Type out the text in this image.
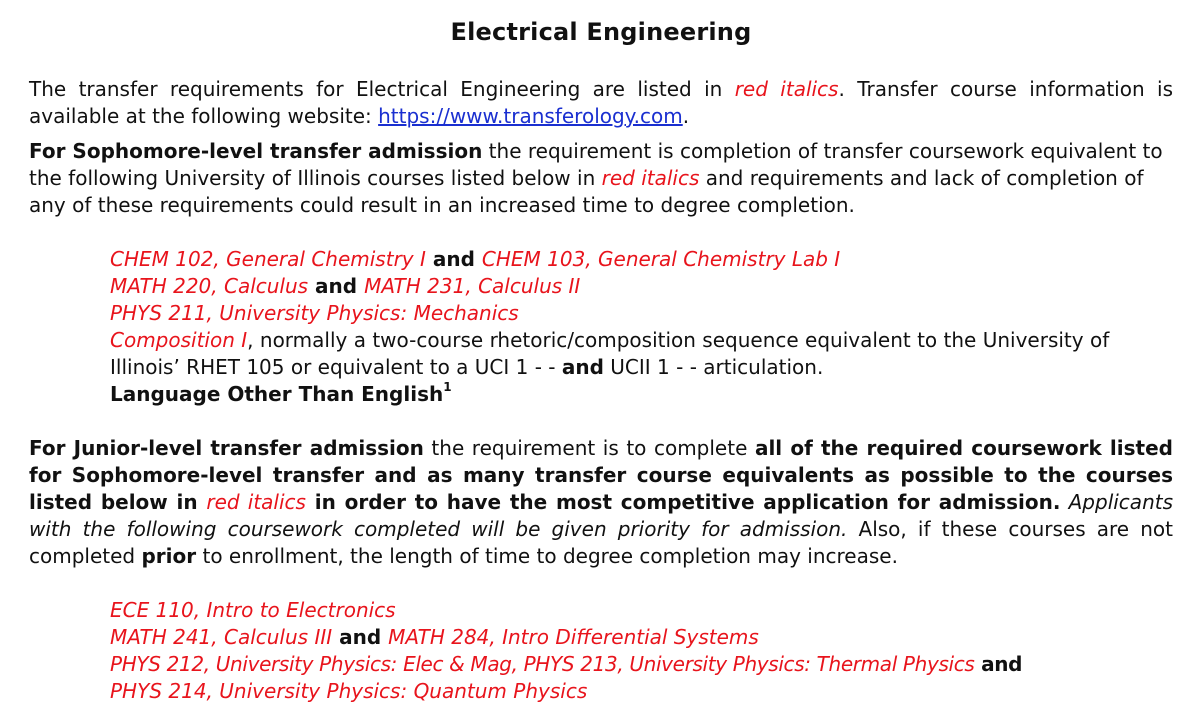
Electrical Engineering

The transfer requirements for Electrical Engineering are listed in red italics. Transfer course information is available at the following website: https://www.transferology.com.

For Sophomore-level transfer admission the requirement is completion of transfer coursework equivalent to the following University of Illinois courses listed below in red italics and requirements and lack of completion of any of these requirements could result in an increased time to degree completion.

CHEM 102, General Chemistry I and CHEM 103, General Chemistry Lab I
MATH 220, Calculus and MATH 231, Calculus II
PHYS 211, University Physics: Mechanics
Composition I, normally a two-course rhetoric/composition sequence equivalent to the University of Illinois’ RHET 105 or equivalent to a UCI 1 - - and UCII 1 - - articulation.
Language Other Than English$^1$

For Junior-level transfer admission the requirement is to complete all of the required coursework listed for Sophomore-level transfer and as many transfer course equivalents as possible to the courses listed below in red italics in order to have the most competitive application for admission. Applicants with the following coursework completed will be given priority for admission. Also, if these courses are not completed prior to enrollment, the length of time to degree completion may increase.

ECE 110, Intro to Electronics
MATH 241, Calculus III and MATH 284, Intro Differential Systems
PHYS 212, University Physics: Elec & Mag, PHYS 213, University Physics: Thermal Physics and
PHYS 214, University Physics: Quantum Physics
